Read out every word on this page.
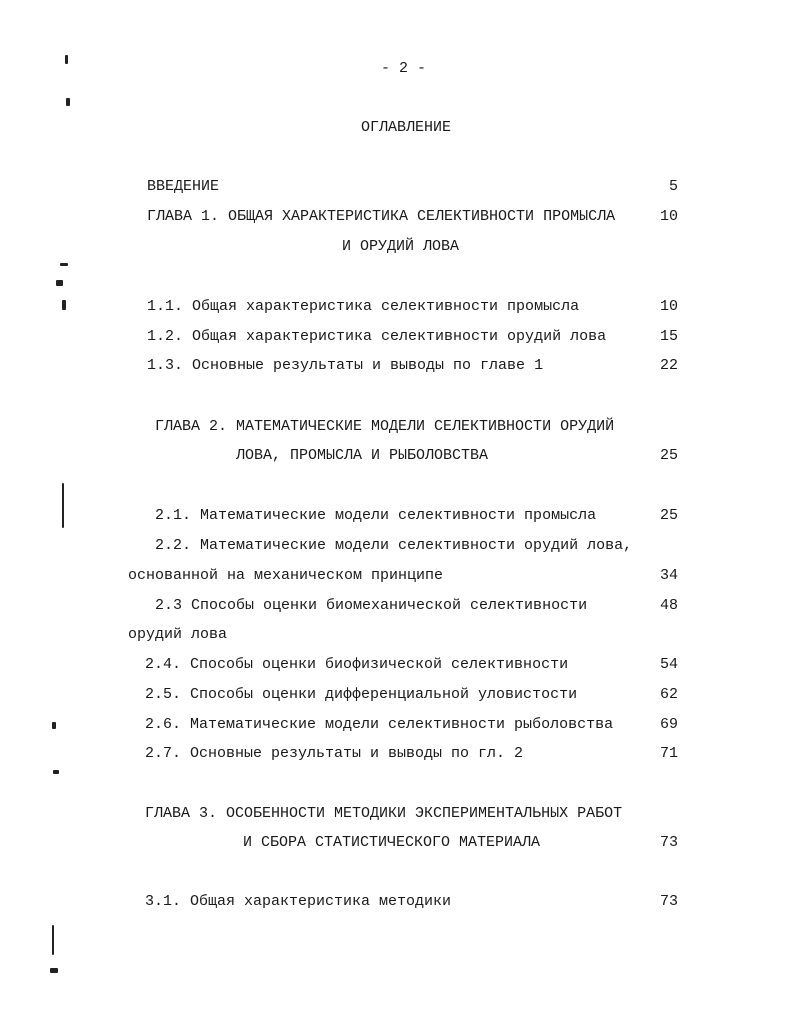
- 2 -
ОГЛАВЛЕНИЕ
ВВЕДЕНИЕ	5
ГЛАВА 1. ОБЩАЯ ХАРАКТЕРИСТИКА СЕЛЕКТИВНОСТИ ПРОМЫСЛА	10
И ОРУДИЙ ЛОВА
1.1. Общая характеристика селективности промысла	10
1.2. Общая характеристика селективности орудий лова	15
1.3. Основные результаты и выводы по главе 1	22
ГЛАВА 2. МАТЕМАТИЧЕСКИЕ МОДЕЛИ СЕЛЕКТИВНОСТИ ОРУДИЙ
ЛОВА, ПРОМЫСЛА И РЫБОЛОВСТВА	25
2.1. Математические модели селективности промысла	25
2.2. Математические модели селективности орудий лова,
основанной на механическом принципе	34
2.3 Способы оценки биомеханической селективности	48
орудий лова
2.4. Способы оценки биофизической селективности	54
2.5. Способы оценки дифференциальной уловистости	62
2.6. Математические модели селективности рыболовства	69
2.7. Основные результаты и выводы по гл. 2	71
ГЛАВА 3. ОСОБЕННОСТИ МЕТОДИКИ ЭКСПЕРИМЕНТАЛЬНЫХ РАБОТ
И СБОРА СТАТИСТИЧЕСКОГО МАТЕРИАЛА	73
3.1. Общая характеристика методики	73
